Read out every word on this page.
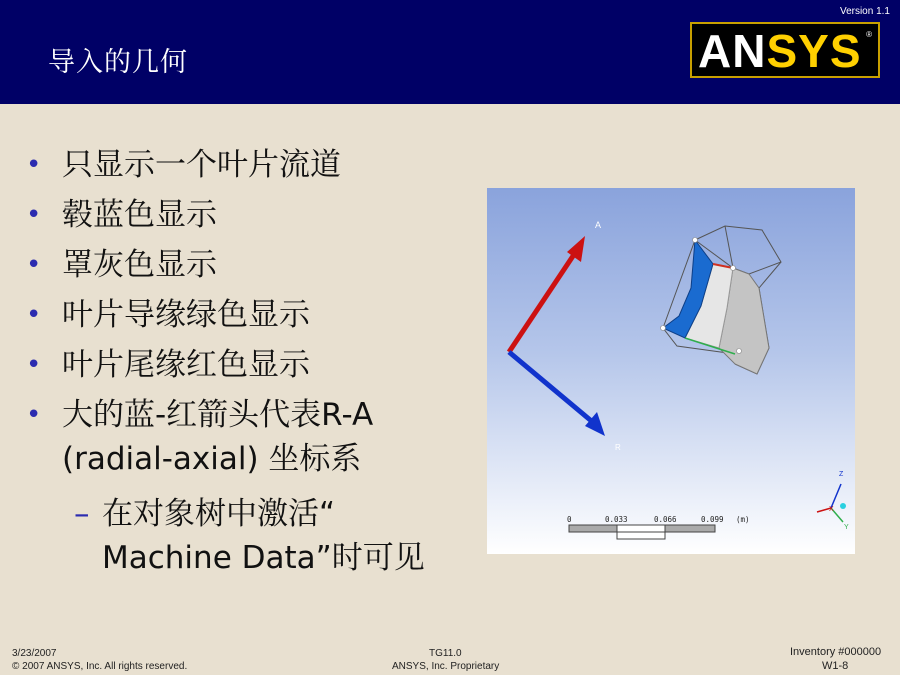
导入的几何
Version 1.1
ANSYS ®
• 只显示一个叶片流道
• 毂蓝色显示
• 罩灰色显示
• 叶片导缘绿色显示
• 叶片尾缘红色显示
• 大的蓝-红箭头代表R-A
(radial-axial) 坐标系
– 在对象树中激活“
Machine Data”时可见
A
R
0	0.033	0.066	0.099 (m)
Z
X
Y
3/23/2007
© 2007 ANSYS, Inc. All rights reserved.
TG11.0
ANSYS, Inc. Proprietary
Inventory #000000
W1-8
